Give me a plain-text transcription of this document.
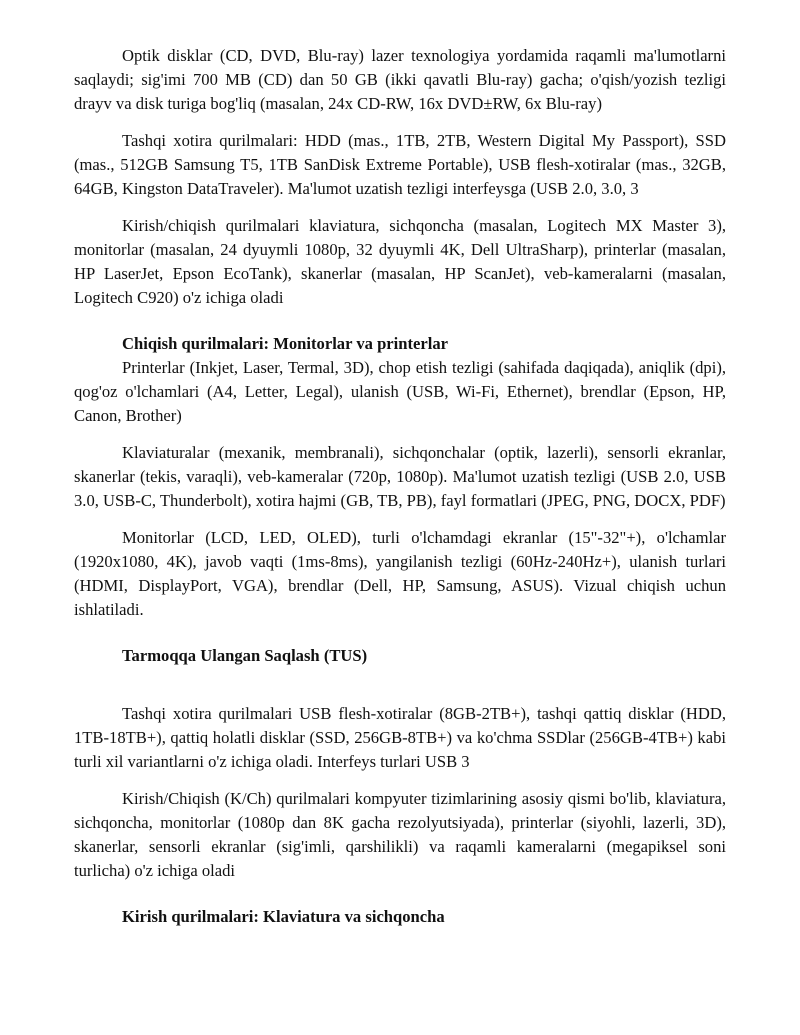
Optik disklar (CD, DVD, Blu-ray) lazer texnologiya yordamida raqamli ma'lumotlarni saqlaydi; sig'imi 700 MB (CD) dan 50 GB (ikki qavatli Blu-ray) gacha; o'qish/yozish tezligi drayv va disk turiga bog'liq (masalan, 24x CD-RW, 16x DVD±RW, 6x Blu-ray)

Tashqi xotira qurilmalari: HDD (mas., 1TB, 2TB, Western Digital My Passport), SSD (mas., 512GB Samsung T5, 1TB SanDisk Extreme Portable), USB flesh-xotiralar (mas., 32GB, 64GB, Kingston DataTraveler). Ma'lumot uzatish tezligi interfeysga (USB 2.0, 3.0, 3

Kirish/chiqish qurilmalari klaviatura, sichqoncha (masalan, Logitech MX Master 3), monitorlar (masalan, 24 dyuymli 1080p, 32 dyuymli 4K, Dell UltraSharp), printerlar (masalan, HP LaserJet, Epson EcoTank), skanerlar (masalan, HP ScanJet), veb-kameralarni (masalan, Logitech C920) o'z ichiga oladi

Chiqish qurilmalari: Monitorlar va printerlar

Printerlar (Inkjet, Laser, Termal, 3D), chop etish tezligi (sahifada daqiqada), aniqlik (dpi), qog'oz o'lchamlari (A4, Letter, Legal), ulanish (USB, Wi-Fi, Ethernet), brendlar (Epson, HP, Canon, Brother)

Klaviaturalar (mexanik, membranali), sichqonchalar (optik, lazerli), sensorli ekranlar, skanerlar (tekis, varaqli), veb-kameralar (720p, 1080p). Ma'lumot uzatish tezligi (USB 2.0, USB 3.0, USB-C, Thunderbolt), xotira hajmi (GB, TB, PB), fayl formatlari (JPEG, PNG, DOCX, PDF)

Monitorlar (LCD, LED, OLED), turli o'lchamdagi ekranlar (15"-32"+), o'lchamlar (1920x1080, 4K), javob vaqti (1ms-8ms), yangilanish tezligi (60Hz-240Hz+), ulanish turlari (HDMI, DisplayPort, VGA), brendlar (Dell, HP, Samsung, ASUS). Vizual chiqish uchun ishlatiladi.

Tarmoqqa Ulangan Saqlash (TUS)

Tashqi xotira qurilmalari USB flesh-xotiralar (8GB-2TB+), tashqi qattiq disklar (HDD, 1TB-18TB+), qattiq holatli disklar (SSD, 256GB-8TB+) va ko'chma SSDlar (256GB-4TB+) kabi turli xil variantlarni o'z ichiga oladi. Interfeys turlari USB 3

Kirish/Chiqish (K/Ch) qurilmalari kompyuter tizimlarining asosiy qismi bo'lib, klaviatura, sichqoncha, monitorlar (1080p dan 8K gacha rezolyutsiyada), printerlar (siyohli, lazerli, 3D), skanerlar, sensorli ekranlar (sig'imli, qarshilikli) va raqamli kameralarni (megapiksel soni turlicha) o'z ichiga oladi

Kirish qurilmalari: Klaviatura va sichqoncha
